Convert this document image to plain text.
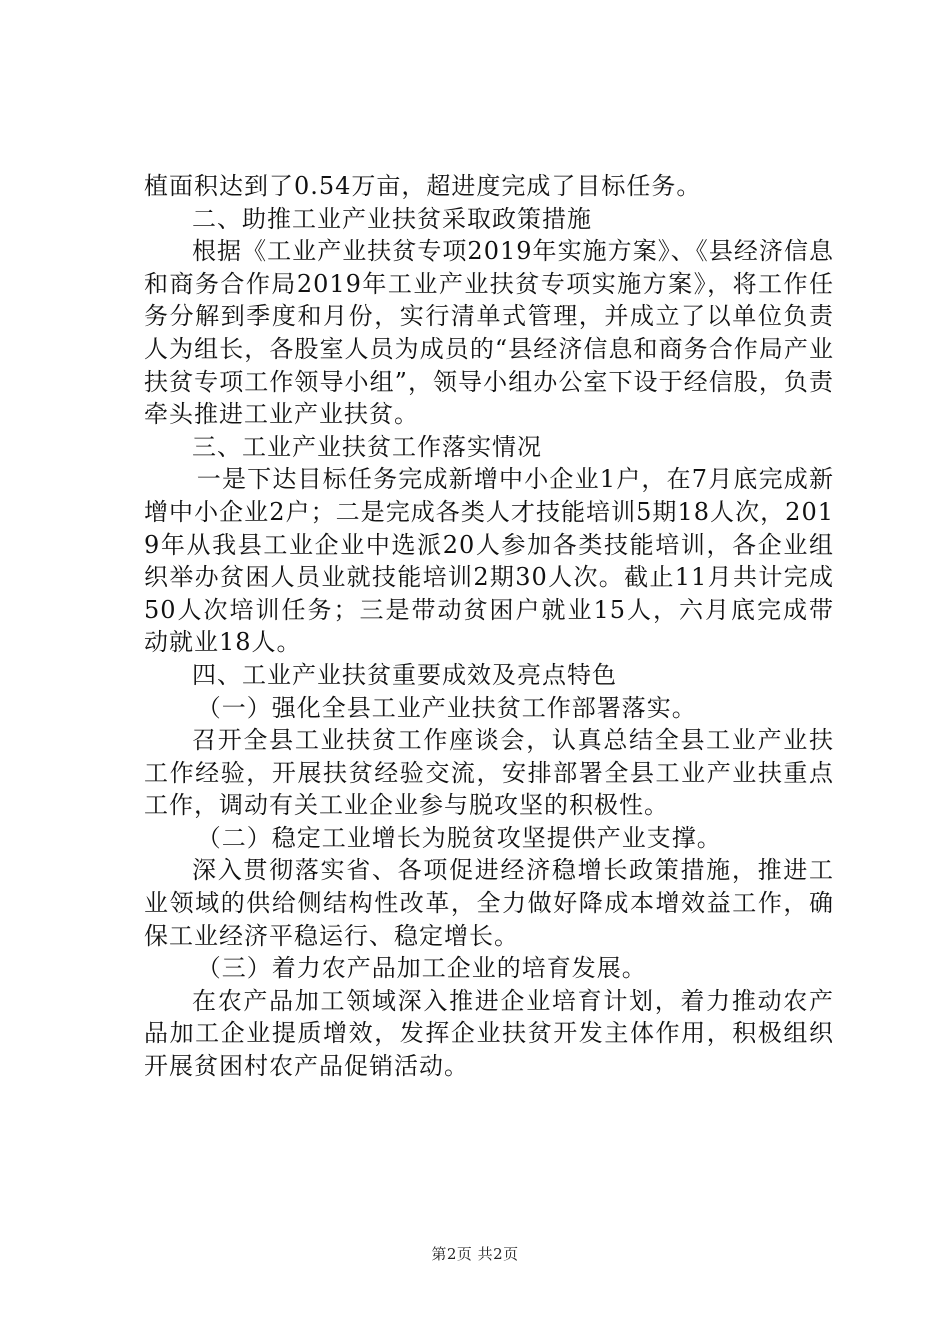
植面积达到了0.54万亩，超进度完成了目标任务。

二、助推工业产业扶贫采取政策措施

根据《工业产业扶贫专项2019年实施方案》、《县经济信息和商务合作局2019年工业产业扶贫专项实施方案》，将工作任务分解到季度和月份，实行清单式管理，并成立了以单位负责人为组长，各股室人员为成员的“县经济信息和商务合作局产业扶贫专项工作领导小组”，领导小组办公室下设于经信股，负责牵头推进工业产业扶贫。

三、工业产业扶贫工作落实情况

一是下达目标任务完成新增中小企业1户，在7月底完成新增中小企业2户；二是完成各类人才技能培训5期18人次，2019年从我县工业企业中选派20人参加各类技能培训，各企业组织举办贫困人员业就技能培训2期30人次。截止11月共计完成50人次培训任务；三是带动贫困户就业15人，六月底完成带动就业18人。

四、工业产业扶贫重要成效及亮点特色

（一）强化全县工业产业扶贫工作部署落实。

召开全县工业扶贫工作座谈会，认真总结全县工业产业扶工作经验，开展扶贫经验交流，安排部署全县工业产业扶重点工作，调动有关工业企业参与脱攻坚的积极性。

（二）稳定工业增长为脱贫攻坚提供产业支撑。

深入贯彻落实省、各项促进经济稳增长政策措施，推进工业领域的供给侧结构性改革，全力做好降成本增效益工作，确保工业经济平稳运行、稳定增长。

（三）着力农产品加工企业的培育发展。

在农产品加工领域深入推进企业培育计划，着力推动农产品加工企业提质增效，发挥企业扶贫开发主体作用，积极组织开展贫困村农产品促销活动。

第2页 共2页
